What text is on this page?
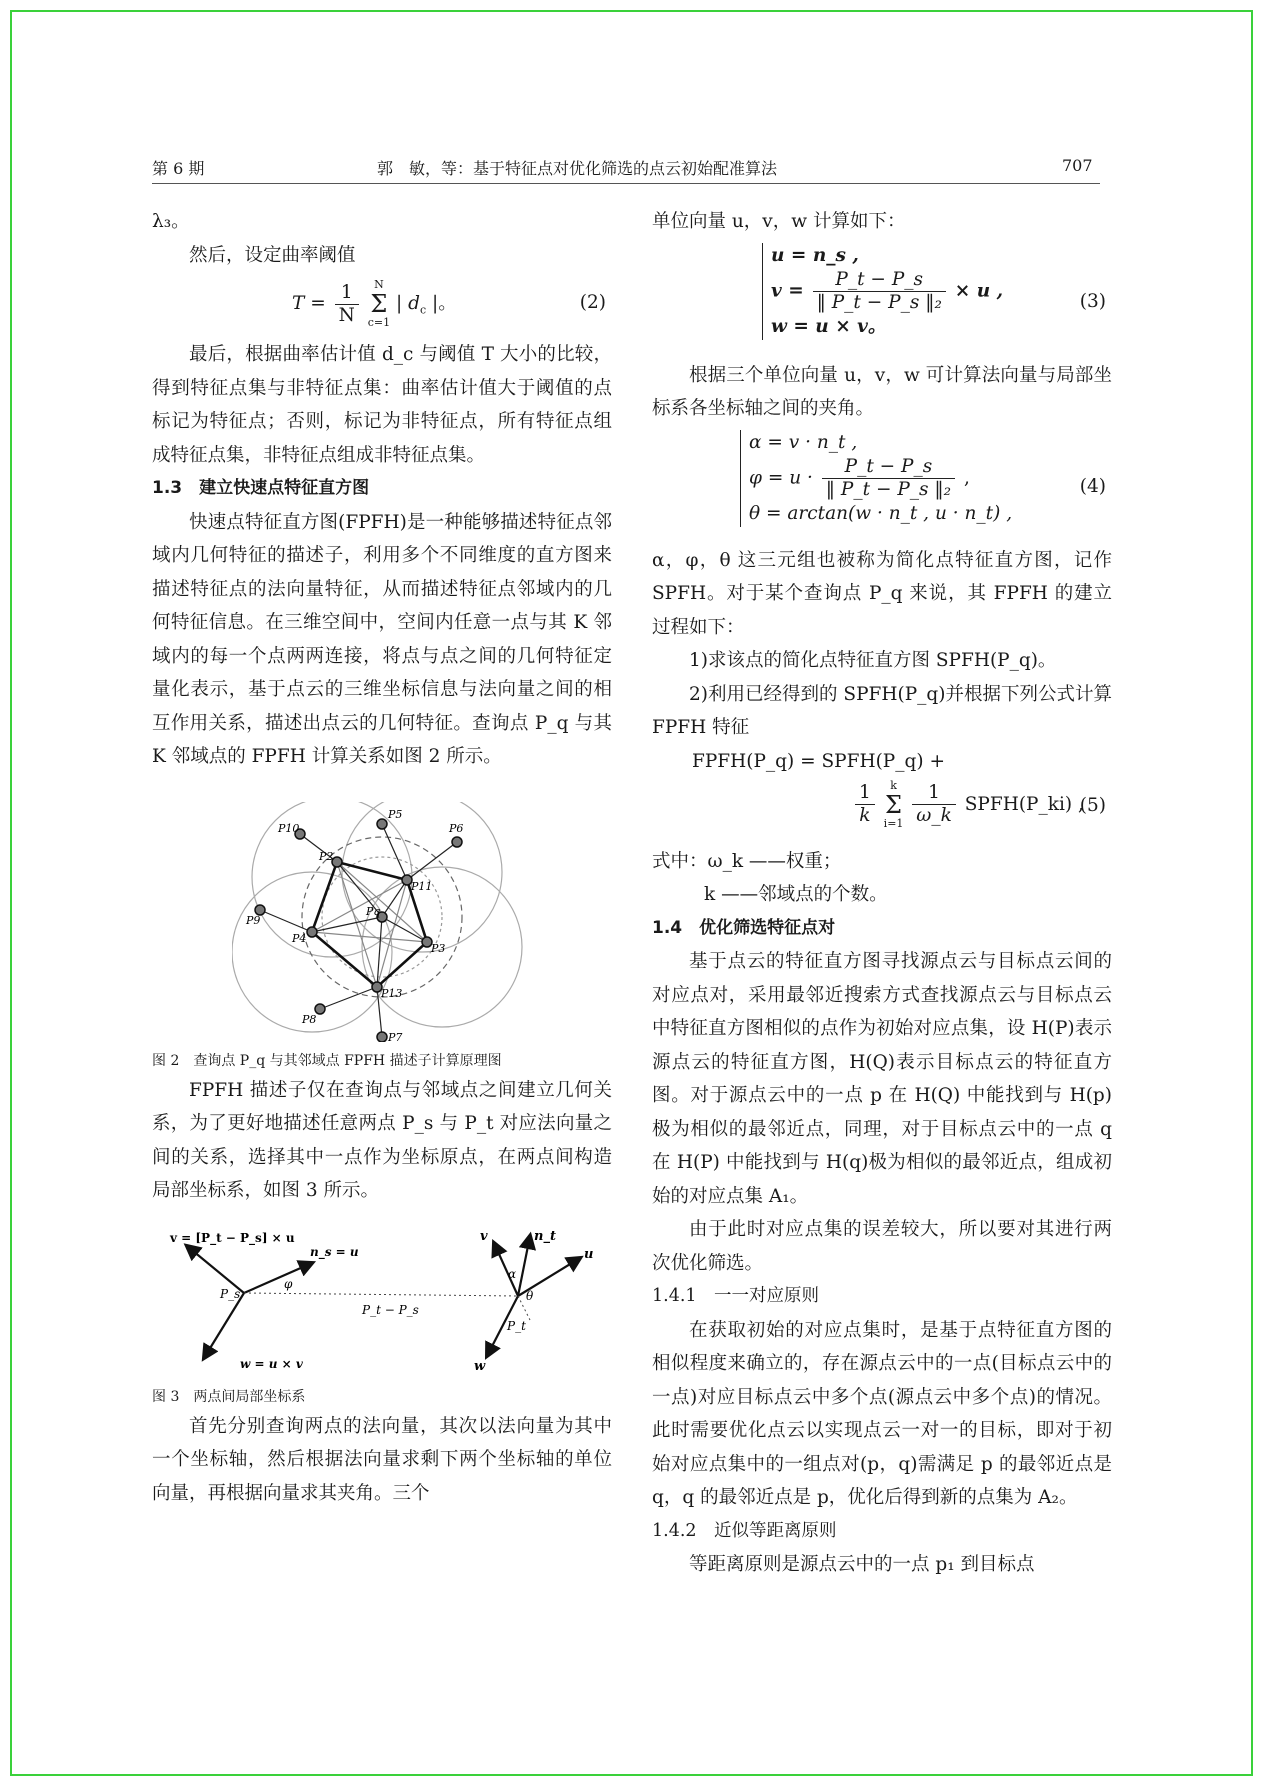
第 6 期	郭　敏，等：基于特征点对优化筛选的点云初始配准算法	707

λ₃。

然后，设定曲率阈值

$T = \frac{1}{N}$
	N
Σ
c=1
| $d_c$ |。	(2)

最后，根据曲率估计值 d_c 与阈值 T 大小的比较，得到特征点集与非特征点集：曲率估计值大于阈值的点标记为特征点；否则，标记为非特征点，所有特征点组成特征点集，非特征点组成非特征点集。

1.3　建立快速点特征直方图

快速点特征直方图(FPFH)是一种能够描述特征点邻域内几何特征的描述子，利用多个不同维度的直方图来描述特征点的法向量特征，从而描述特征点邻域内的几何特征信息。在三维空间中，空间内任意一点与其 K 邻域内的每一个点两两连接，将点与点之间的几何特征定量化表示，基于点云的三维坐标信息与法向量之间的相互作用关系，描述出点云的几何特征。查询点 P_q 与其 K 邻域点的 FPFH 计算关系如图 2 所示。

P10
P5
P6
P2
P11
Pq
P9
P3
P4
P13
P8
P7

图 2　查询点 P_q 与其邻域点 FPFH 描述子计算原理图

FPFH 描述子仅在查询点与邻域点之间建立几何关系，为了更好地描述任意两点 P_s 与 P_t 对应法向量之间的关系，选择其中一点作为坐标原点，在两点间构造局部坐标系，如图 3 所示。

v = [P_t − P_s] × u
n_s = u
P_s
φ
P_t − P_s
w = u × v
v	n_t
u
α
θ
P_t
w

图 3　两点间局部坐标系

首先分别查询两点的法向量，其次以法向量为其中一个坐标轴，然后根据法向量求剩下两个坐标轴的单位向量，再根据向量求其夹角。三个

单位向量 u，v，w 计算如下：

u = n_s ,
$v = \frac{P\_t - P\_s}{\text{‖ P\_t − P\_s ‖₂}} \times u$ ,
w = u × v。
(3)

根据三个单位向量 u，v，w 可计算法向量与局部坐标系各坐标轴之间的夹角。

α = v · n_t ,
$\varphi = u \cdot \frac{P\_t - P\_s}{\text{‖ P\_t − P\_s ‖₂}}$ ,
θ = arctan(w · n_t , u · n_t) ,
(4)

α，φ，θ 这三元组也被称为简化点特征直方图，记作 SPFH。对于某个查询点 P_q 来说，其 FPFH 的建立过程如下：

1)求该点的简化点特征直方图 SPFH(P_q)。

2)利用已经得到的 SPFH(P_q)并根据下列公式计算 FPFH 特征

FPFH(P_q) = SPFH(P_q) +
$\frac{1}{k}$
	k
Σ
i=1
$\frac{1}{\omega\_k}$ SPFH(P_ki) ,
(5)

式中：ω_k ——权重；

k ——邻域点的个数。

1.4　优化筛选特征点对

基于点云的特征直方图寻找源点云与目标点云间的对应点对，采用最邻近搜索方式查找源点云与目标点云中特征直方图相似的点作为初始对应点集，设 H(P)表示源点云的特征直方图，H(Q)表示目标点云的特征直方图。对于源点云中的一点 p 在 H(Q) 中能找到与 H(p) 极为相似的最邻近点，同理，对于目标点云中的一点 q 在 H(P) 中能找到与 H(q)极为相似的最邻近点，组成初始的对应点集 A₁。

由于此时对应点集的误差较大，所以要对其进行两次优化筛选。

1.4.1　一一对应原则

在获取初始的对应点集时，是基于点特征直方图的相似程度来确立的，存在源点云中的一点(目标点云中的一点)对应目标点云中多个点(源点云中多个点)的情况。此时需要优化点云以实现点云一对一的目标，即对于初始对应点集中的一组点对(p，q)需满足 p 的最邻近点是 q，q 的最邻近点是 p，优化后得到新的点集为 A₂。

1.4.2　近似等距离原则

等距离原则是源点云中的一点 p₁ 到目标点
